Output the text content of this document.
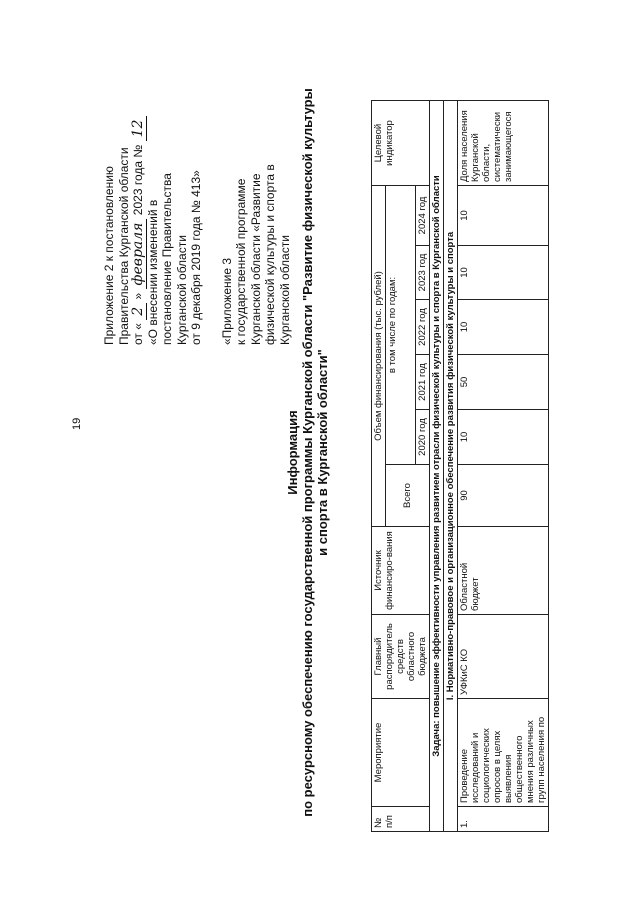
19
Приложение 2 к постановлению Правительства Курганской области от « 2 » февраля 2023 года № 12
«О внесении изменений в постановление Правительства Курганской области от 9 декабря 2019 года № 413» «Приложение 3 к государственной программе Курганской области «Развитие физической культуры и спорта в Курганской области
Информация по ресурсному обеспечению государственной программы Курганской области "Развитие физической культуры и спорта в Курганской области"
№ п/п	Мероприятие	Главный распорядитель средств областного бюджета	Источник финансиро-вания	Объем финансирования (тыс. рублей)						Целевой индикатор
				Всего	в том числе по годам:					
					2020 год	2021 год	2022 год	2023 год	2024 год	
Задача: повышение эффективности управления развитием отрасли физической культуры и спорта в Курганской области										
I. Нормативно-правовое и организационное обеспечение развития физической культуры и спорта										
1.	Проведение исследований и социологических опросов в целях выявления общественного мнения различных групп населения по	УФКиС КО	Областной бюджет	90	10	50	10	10	10	Доля населения Курганской области, систематически занимающегося
